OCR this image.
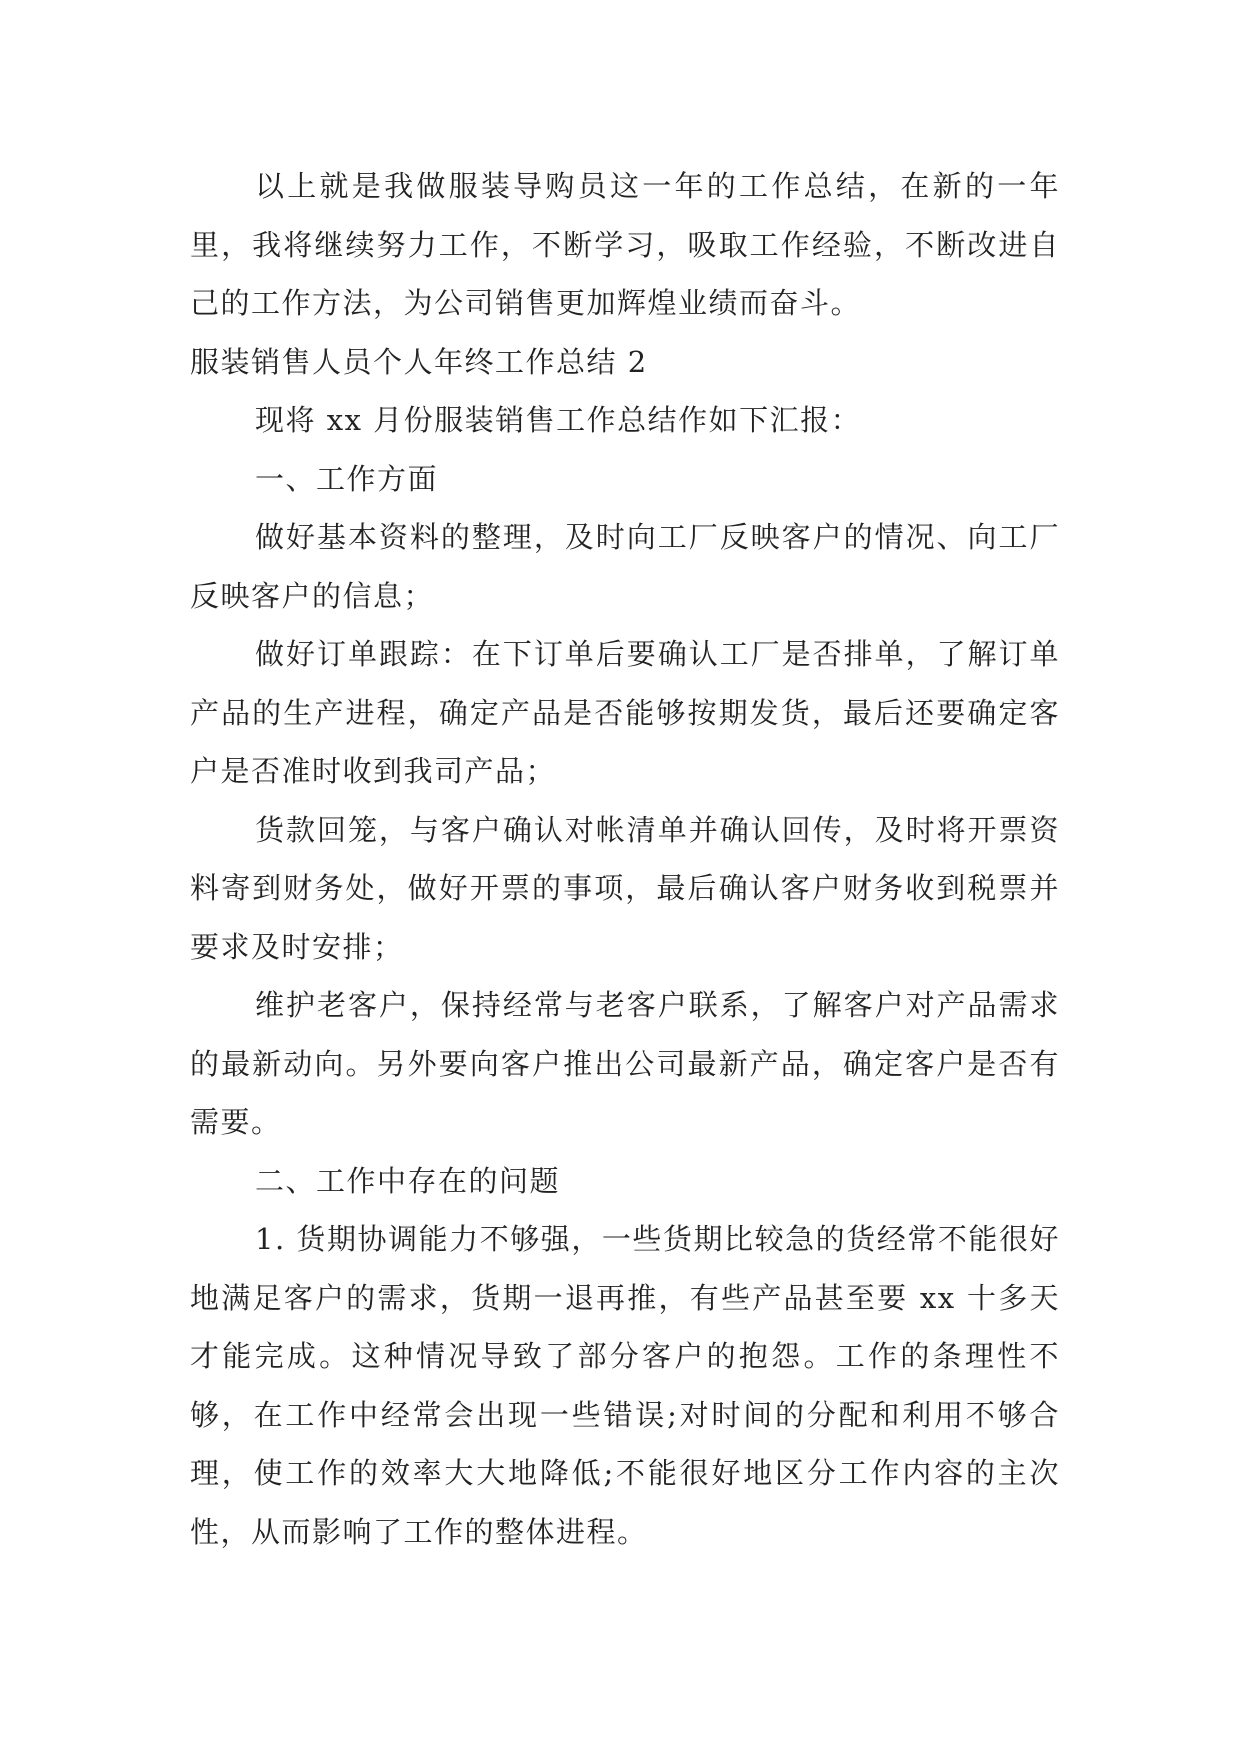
以上就是我做服装导购员这一年的工作总结，在新的一年里，我将继续努力工作，不断学习，吸取工作经验，不断改进自己的工作方法，为公司销售更加辉煌业绩而奋斗。

服装销售人员个人年终工作总结 2

现将 xx 月份服装销售工作总结作如下汇报：

一、工作方面

做好基本资料的整理，及时向工厂反映客户的情况、向工厂反映客户的信息；

做好订单跟踪：在下订单后要确认工厂是否排单，了解订单产品的生产进程，确定产品是否能够按期发货，最后还要确定客户是否准时收到我司产品；

货款回笼，与客户确认对帐清单并确认回传，及时将开票资料寄到财务处，做好开票的事项，最后确认客户财务收到税票并要求及时安排；

维护老客户，保持经常与老客户联系，了解客户对产品需求的最新动向。另外要向客户推出公司最新产品，确定客户是否有需要。

二、工作中存在的问题

1. 货期协调能力不够强，一些货期比较急的货经常不能很好地满足客户的需求，货期一退再推，有些产品甚至要 xx 十多天才能完成。这种情况导致了部分客户的抱怨。工作的条理性不够，在工作中经常会出现一些错误;对时间的分配和利用不够合理，使工作的效率大大地降低;不能很好地区分工作内容的主次性，从而影响了工作的整体进程。
